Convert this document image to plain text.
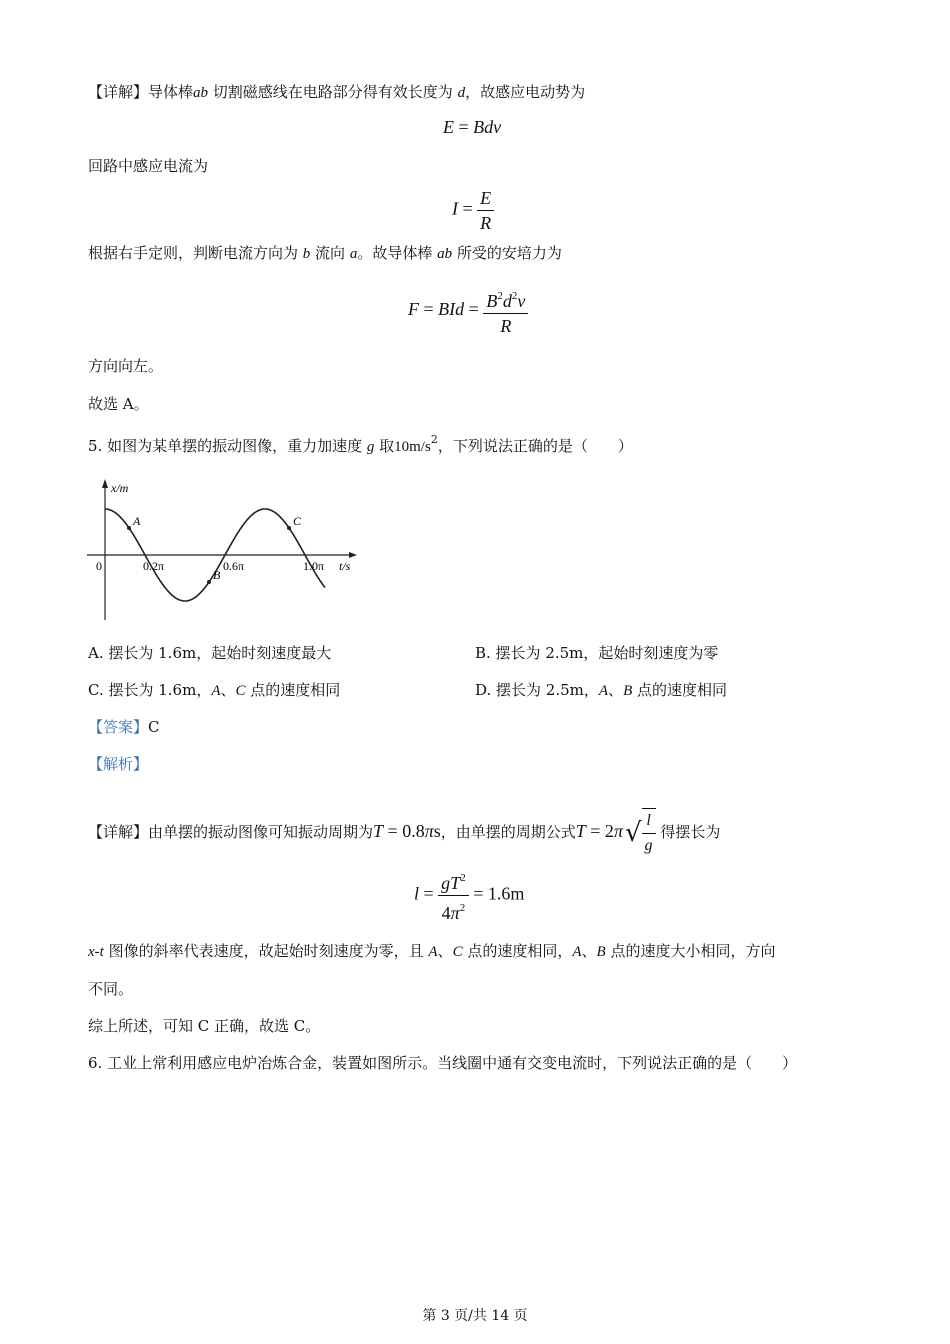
【详解】导体棒ab 切割磁感线在电路部分得有效长度为 d，故感应电动势为
E = Bdv
回路中感应电流为
$I = \frac{E}{R}$
根据右手定则，判断电流方向为 b 流向 a。故导体棒 ab 所受的安培力为
F = BId = $\frac{B^2d^2v}{R}$
方向向左。
故选 A。
5. 如图为某单摆的振动图像，重力加速度 g 取$10m/s^2$，下列说法正确的是（　　）
x/m
t/s
0	0.2π	0.6π	1.0π
A
B
C
A. 摆长为 1.6m，起始时刻速度最大	B. 摆长为 2.5m，起始时刻速度为零
C. 摆长为 1.6m，A、C 点的速度相同	D. 摆长为 2.5m，A、B 点的速度相同
【答案】C
【解析】
【详解】由单摆的振动图像可知振动周期为T = 0.8πs，由单摆的周期公式$T = 2\pi√ \frac{l}{g}$ 得摆长为
$l = \frac{gT^2}{4\pi^2} = 1.6m$
x-t 图像的斜率代表速度，故起始时刻速度为零，且 A、C 点的速度相同，A、B 点的速度大小相同，方向
不同。
综上所述，可知 C 正确，故选 C。
6. 工业上常利用感应电炉冶炼合金，装置如图所示。当线圈中通有交变电流时，下列说法正确的是（　　）
第 3 页/共 14 页
